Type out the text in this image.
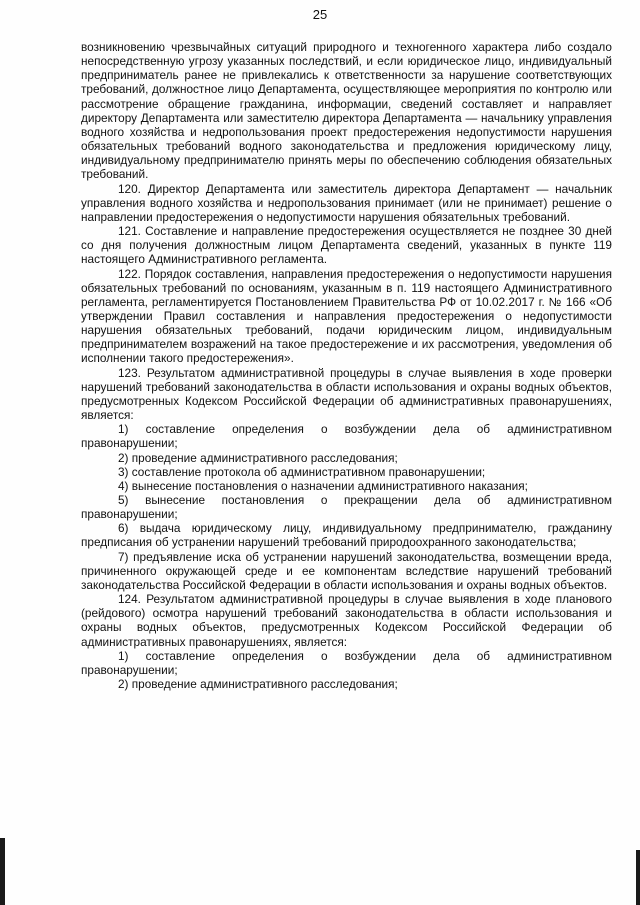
25

возникновению чрезвычайных ситуаций природного и техногенного характера либо создало непосредственную угрозу указанных последствий, и если юридическое лицо, индивидуальный предприниматель ранее не привлекались к ответственности за нарушение соответствующих требований, должностное лицо Департамента, осуществляющее мероприятия по контролю или рассмотрение обращение гражданина, информации, сведений составляет и направляет директору Департамента или заместителю директора Департамента — начальнику управления водного хозяйства и недропользования проект предостережения недопустимости нарушения обязательных требований водного законодательства и предложения юридическому лицу, индивидуальному предпринимателю принять меры по обеспечению соблюдения обязательных требований.

120. Директор Департамента или заместитель директора Департамент — начальник управления водного хозяйства и недропользования принимает (или не принимает) решение о направлении предостережения о недопустимости нарушения обязательных требований.

121. Составление и направление предостережения осуществляется не позднее 30 дней со дня получения должностным лицом Департамента сведений, указанных в пункте 119 настоящего Административного регламента.

122. Порядок составления, направления предостережения о недопустимости нарушения обязательных требований по основаниям, указанным в п. 119 настоящего Административного регламента, регламентируется Постановлением Правительства РФ от 10.02.2017 г. № 166 «Об утверждении Правил составления и направления предостережения о недопустимости нарушения обязательных требований, подачи юридическим лицом, индивидуальным предпринимателем возражений на такое предостережение и их рассмотрения, уведомления об исполнении такого предостережения».

123. Результатом административной процедуры в случае выявления в ходе проверки нарушений требований законодательства в области использования и охраны водных объектов, предусмотренных Кодексом Российской Федерации об административных правонарушениях, является:

1) составление определения о возбуждении дела об административном правонарушении;

2) проведение административного расследования;

3) составление протокола об административном правонарушении;

4) вынесение постановления о назначении административного наказания;

5) вынесение постановления о прекращении дела об административном правонарушении;

6) выдача юридическому лицу, индивидуальному предпринимателю, гражданину предписания об устранении нарушений требований природоохранного законодательства;

7) предъявление иска об устранении нарушений законодательства, возмещении вреда, причиненного окружающей среде и ее компонентам вследствие нарушений требований законодательства Российской Федерации в области использования и охраны водных объектов.

124. Результатом административной процедуры в случае выявления в ходе планового (рейдового) осмотра нарушений требований законодательства в области использования и охраны водных объектов, предусмотренных Кодексом Российской Федерации об административных правонарушениях, является:

1) составление определения о возбуждении дела об административном правонарушении;

2) проведение административного расследования;
